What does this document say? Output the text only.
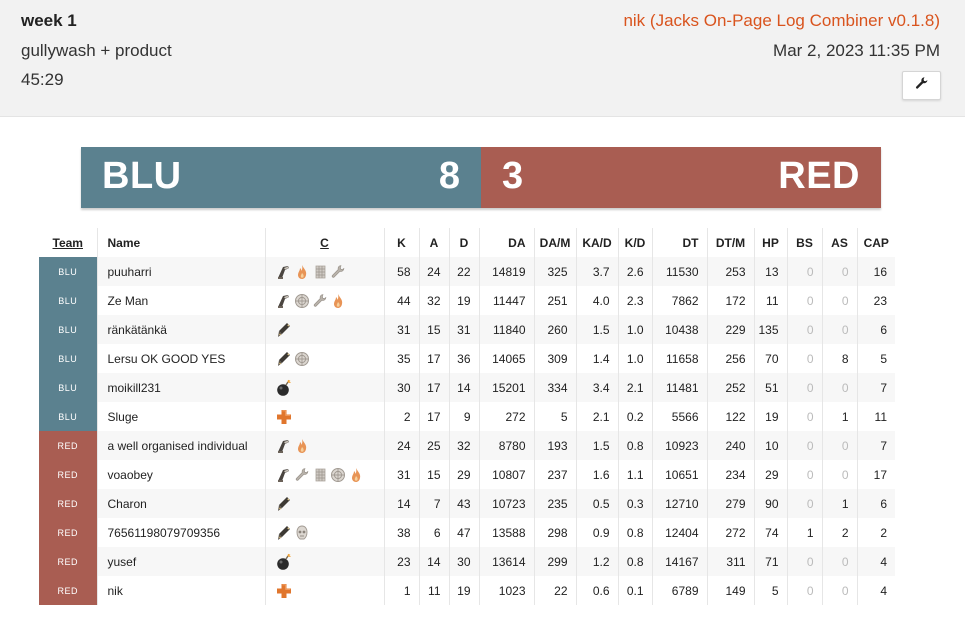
week 1
gullywash + product
45:29
nik (Jacks On-Page Log Combiner v0.1.8)
Mar 2, 2023 11:35 PM
BLU	8 3	RED
Team	Name	C	K	A	D	DA	DA/M	KA/D	K/D	DT	DT/M	HP	BS	AS	CAP
BLU	puuharri		58	24	22	14819	325	3.7	2.6	11530	253	13	0	0	16
BLU	Ze Man		44	32	19	11447	251	4.0	2.3	7862	172	11	0	0	23
BLU	ränkätänkä		31	15	31	11840	260	1.5	1.0	10438	229	135	0	0	6
BLU	Lersu OK GOOD YES		35	17	36	14065	309	1.4	1.0	11658	256	70	0	8	5
BLU	moikill231		30	17	14	15201	334	3.4	2.1	11481	252	51	0	0	7
BLU	Sluge		2	17	9	272	5	2.1	0.2	5566	122	19	0	1	11
RED	a well organised individual		24	25	32	8780	193	1.5	0.8	10923	240	10	0	0	7
RED	voaobey		31	15	29	10807	237	1.6	1.1	10651	234	29	0	0	17
RED	Charon		14	7	43	10723	235	0.5	0.3	12710	279	90	0	1	6
RED	76561198079709356		38	6	47	13588	298	0.9	0.8	12404	272	74	1	2	2
RED	yusef		23	14	30	13614	299	1.2	0.8	14167	311	71	0	0	4
RED	nik		1	11	19	1023	22	0.6	0.1	6789	149	5	0	0	4
